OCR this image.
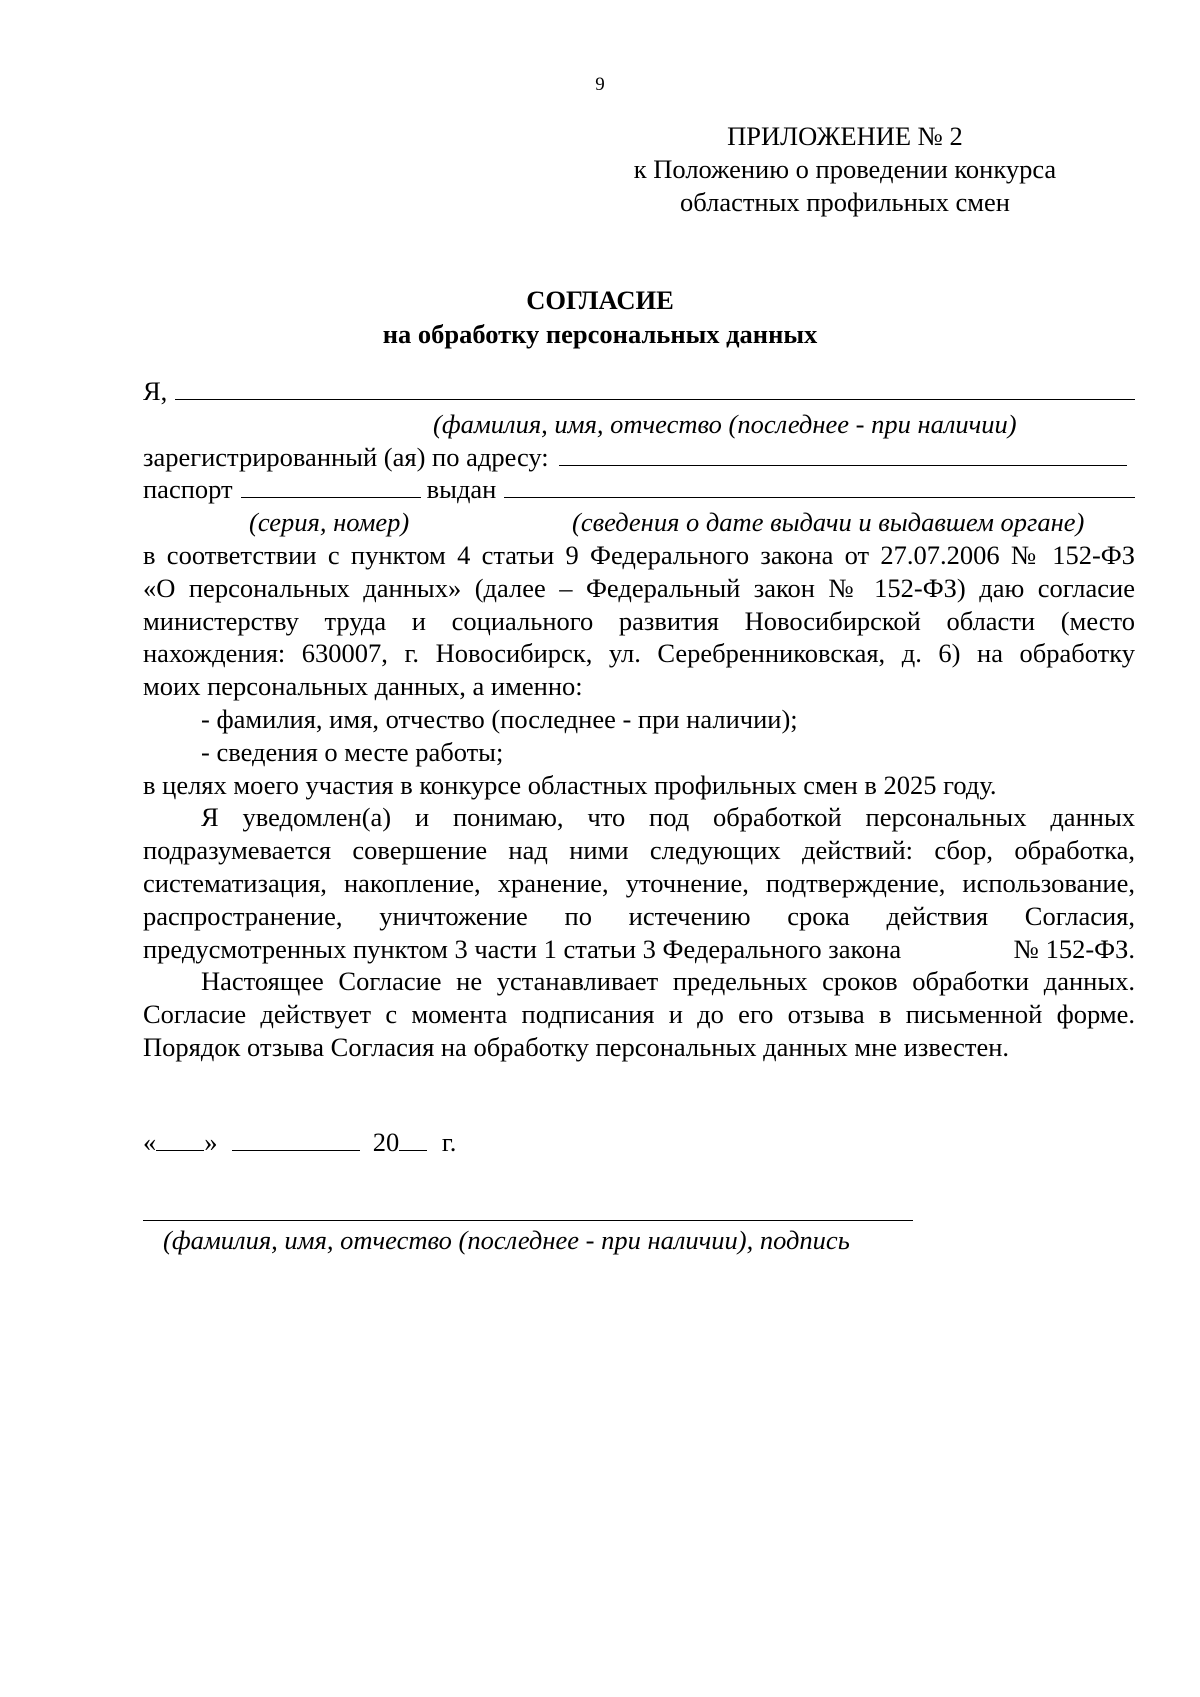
9
ПРИЛОЖЕНИЕ № 2
к Положению о проведении конкурса
областных профильных смен
СОГЛАСИЕ
на обработку персональных данных
Я,
(фамилия, имя, отчество (последнее - при наличии)
зарегистрированный (ая) по адресу:
паспорт	выдан
(серия, номер)	(сведения о дате выдачи и выдавшем органе)
в соответствии с пунктом 4 статьи 9 Федерального закона от 27.07.2006 № 152-ФЗ
«О персональных данных» (далее – Федеральный закон № 152-ФЗ) даю согласие
министерству труда и социального развития Новосибирской области (место
нахождения: 630007, г. Новосибирск, ул. Серебренниковская, д. 6) на обработку
моих персональных данных, а именно:
- фамилия, имя, отчество (последнее - при наличии);
- сведения о месте работы;
в целях моего участия в конкурсе областных профильных смен в 2025 году.
Я уведомлен(а) и понимаю, что под обработкой персональных данных
подразумевается совершение над ними следующих действий: сбор, обработка,
систематизация, накопление, хранение, уточнение, подтверждение, использование,
распространение, уничтожение по истечению срока действия Согласия,
предусмотренных пунктом 3 части 1 статьи 3 Федерального закона	№ 152-ФЗ.
Настоящее Согласие не устанавливает предельных сроков обработки данных.
Согласие действует с момента подписания и до его отзыва в письменной форме.
Порядок отзыва Согласия на обработку персональных данных мне известен.
« »	20 г.
(фамилия, имя, отчество (последнее - при наличии), подпись
